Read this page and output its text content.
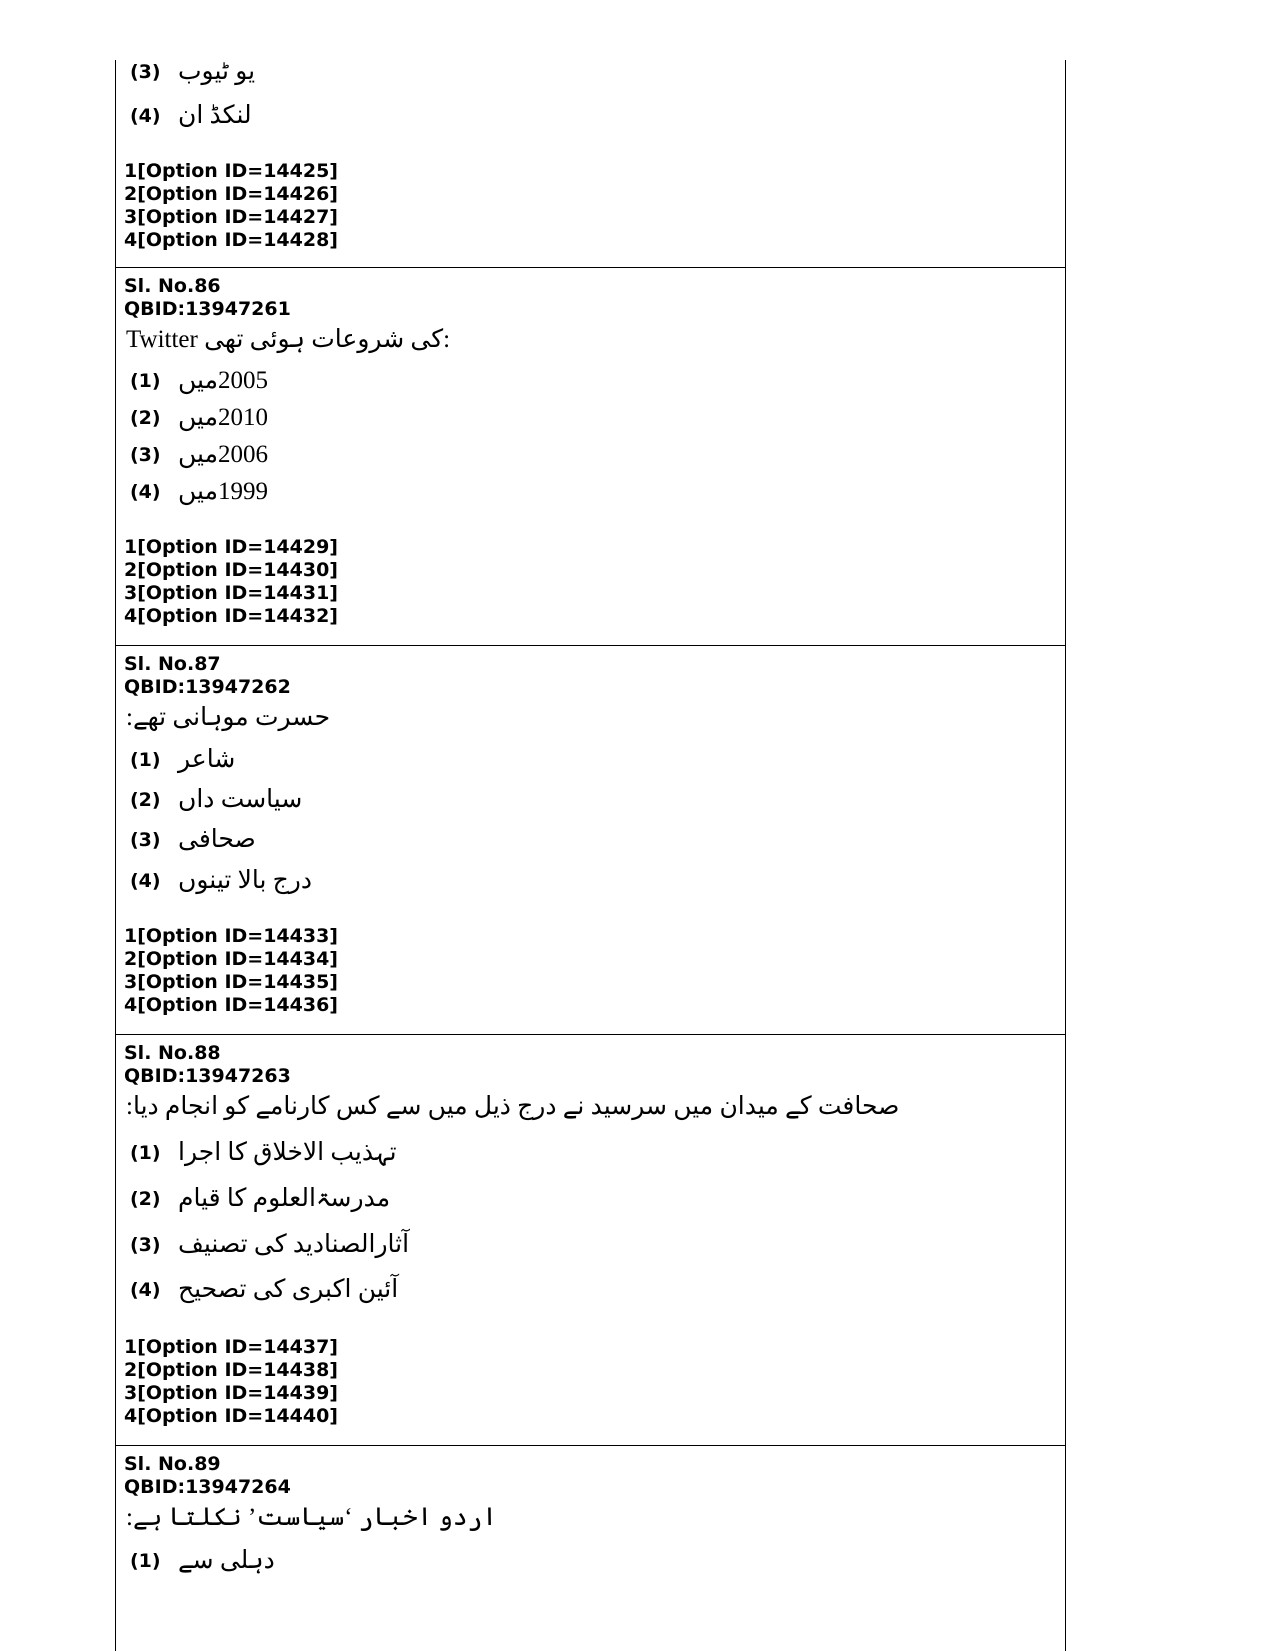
(3) یو ٹیوب
(4) لنکڈ ان
1[Option ID=14425]
2[Option ID=14426]
3[Option ID=14427]
4[Option ID=14428]
Sl. No.86
QBID:13947261
Twitter کی شروعات ہوئی تھی:
(1) 2005میں
(2) 2010میں
(3) 2006میں
(4) 1999میں
1[Option ID=14429]
2[Option ID=14430]
3[Option ID=14431]
4[Option ID=14432]
Sl. No.87
QBID:13947262
حسرت موہانی تھے:
(1) شاعر
(2) سیاست داں
(3) صحافی
(4) درج بالا تینوں
1[Option ID=14433]
2[Option ID=14434]
3[Option ID=14435]
4[Option ID=14436]
Sl. No.88
QBID:13947263
صحافت کے میدان میں سرسید نے درج ذیل میں سے کس کارنامے کو انجام دیا:
(1) تہذیب الاخلاق کا اجرا
(2) مدرسۃالعلوم کا قیام
(3) آثارالصنادید کی تصنیف
(4) آئین اکبری کی تصحیح
1[Option ID=14437]
2[Option ID=14438]
3[Option ID=14439]
4[Option ID=14440]
Sl. No.89
QBID:13947264
اردو اخبار ‘سیاست’ نکلتا ہے:
(1) دہلی سے
